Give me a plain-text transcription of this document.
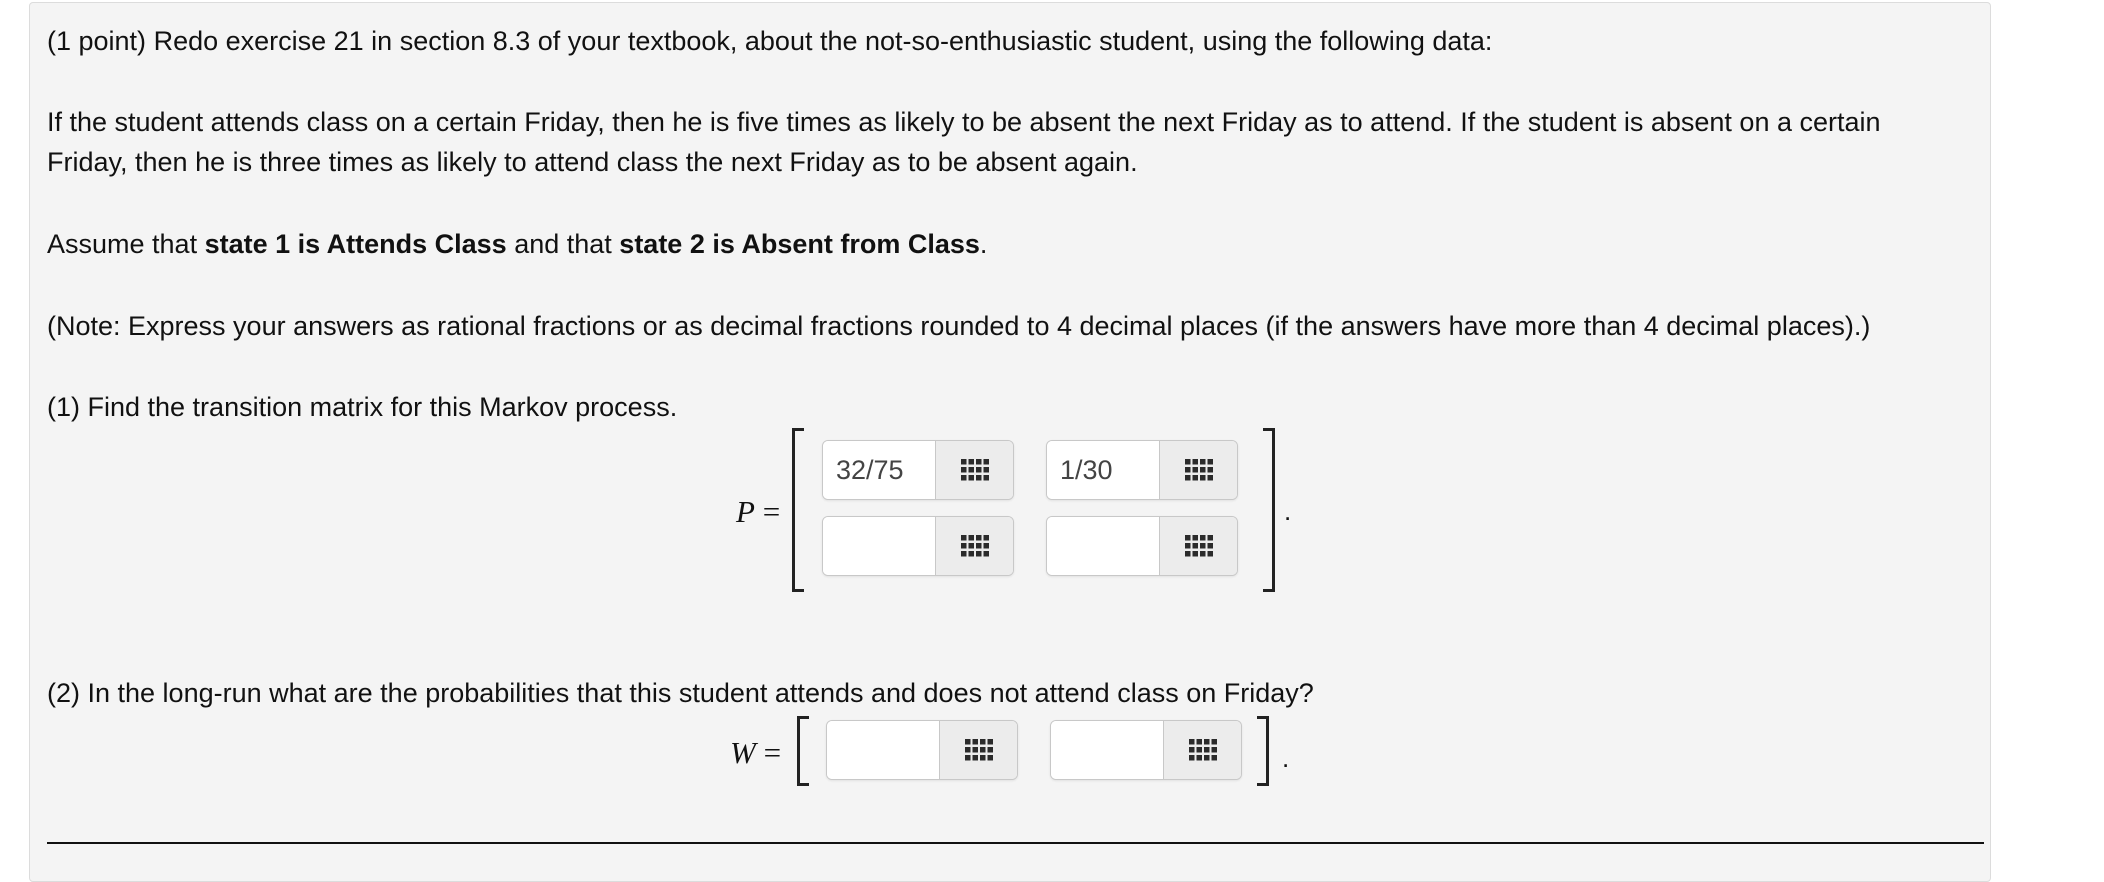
(1 point) Redo exercise 21 in section 8.3 of your textbook, about the not-so-enthusiastic student, using the following data:

If the student attends class on a certain Friday, then he is five times as likely to be absent the next Friday as to attend. If the student is absent on a certain Friday, then he is three times as likely to attend class the next Friday as to be absent again.

Assume that state 1 is Attends Class and that state 2 is Absent from Class.

(Note: Express your answers as rational fractions or as decimal fractions rounded to 4 decimal places (if the answers have more than 4 decimal places).)

(1) Find the transition matrix for this Markov process.

P =	.
32/75
1/30

(2) In the long-run what are the probabilities that this student attends and does not attend class on Friday?

W =	.
